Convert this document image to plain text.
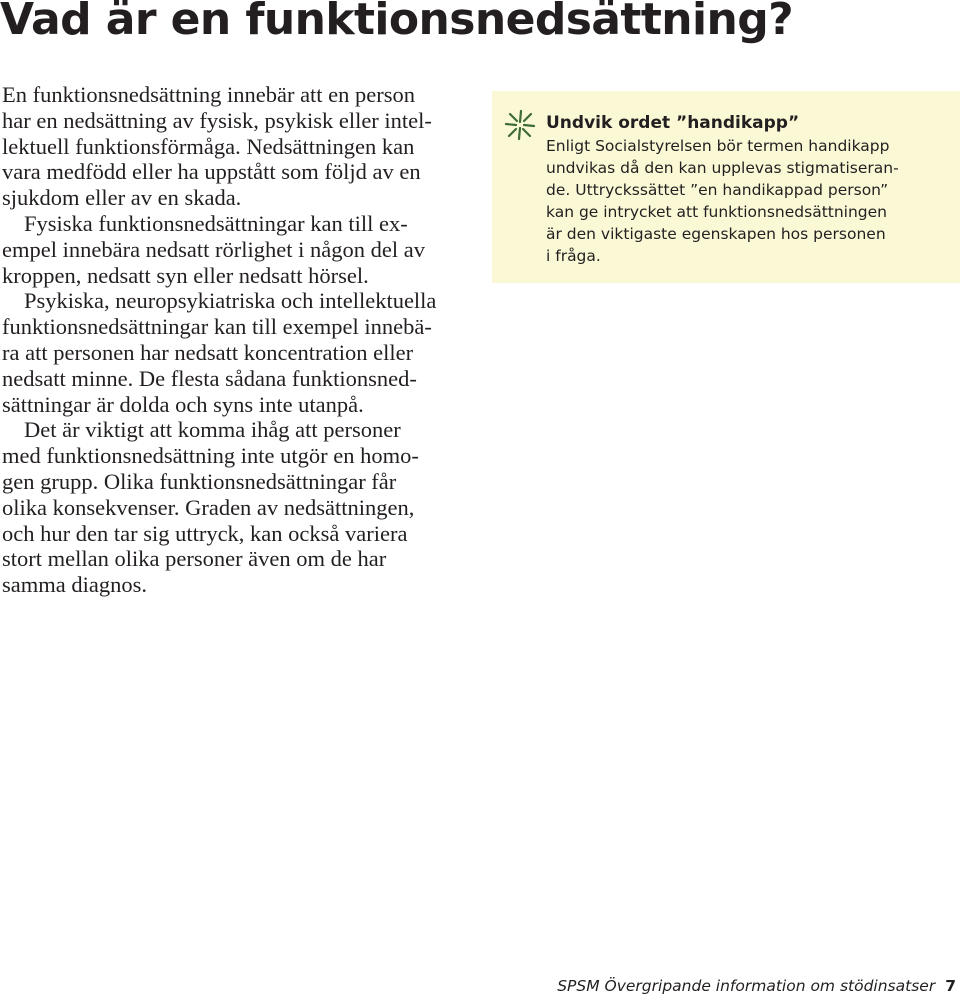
Vad är en funktionsnedsättning?
En funktionsnedsättning innebär att en person
har en nedsättning av fysisk, psykisk eller intel-
lektuell funktionsförmåga. Nedsättningen kan
vara medfödd eller ha uppstått som följd av en
sjukdom eller av en skada.
Fysiska funktionsnedsättningar kan till ex-
empel innebära nedsatt rörlighet i någon del av
kroppen, nedsatt syn eller nedsatt hörsel.
Psykiska, neuropsykiatriska och intellektuella
funktionsnedsättningar kan till exempel innebä-
ra att personen har nedsatt koncentration eller
nedsatt minne. De flesta sådana funktionsned-
sättningar är dolda och syns inte utanpå.
Det är viktigt att komma ihåg att personer
med funktionsnedsättning inte utgör en homo-
gen grupp. Olika funktionsnedsättningar får
olika konsekvenser. Graden av nedsättningen,
och hur den tar sig uttryck, kan också variera
stort mellan olika personer även om de har
samma diagnos.
Undvik ordet ”handikapp”
Enligt Socialstyrelsen bör termen handikapp
undvikas då den kan upplevas stigmatiseran-
de. Uttryckssättet ”en handikappad person”
kan ge intrycket att funktionsnedsättningen
är den viktigaste egenskapen hos personen
i fråga.
SPSM Övergripande information om stödinsatser 7
